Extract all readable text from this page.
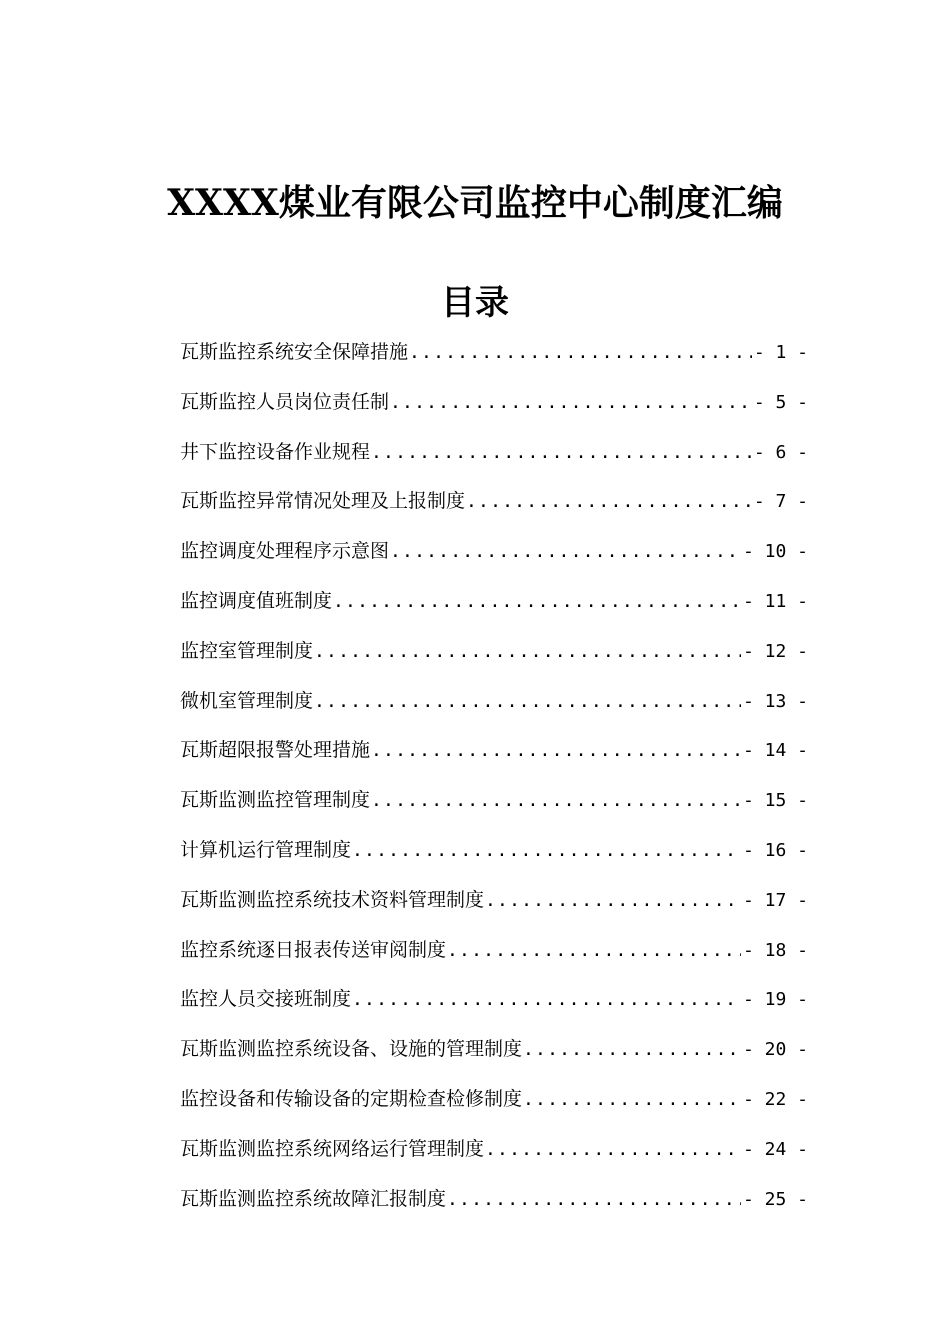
XXXX煤业有限公司监控中心制度汇编
目录
瓦斯监控系统安全保障措施 .....	- 1 -
瓦斯监控人员岗位责任制 .....	- 5 -
井下监控设备作业规程 .....	- 6 -
瓦斯监控异常情况处理及上报制度 .....	- 7 -
监控调度处理程序示意图 .....	- 10 -
监控调度值班制度 .....	- 11 -
监控室管理制度 .....	- 12 -
微机室管理制度 .....	- 13 -
瓦斯超限报警处理措施 .....	- 14 -
瓦斯监测监控管理制度 .....	- 15 -
计算机运行管理制度 .....	- 16 -
瓦斯监测监控系统技术资料管理制度 .....	- 17 -
监控系统逐日报表传送审阅制度 .....	- 18 -
监控人员交接班制度 .....	- 19 -
瓦斯监测监控系统设备、设施的管理制度 .....	- 20 -
监控设备和传输设备的定期检查检修制度 .....	- 22 -
瓦斯监测监控系统网络运行管理制度 .....	- 24 -
瓦斯监测监控系统故障汇报制度 .....	- 25 -
